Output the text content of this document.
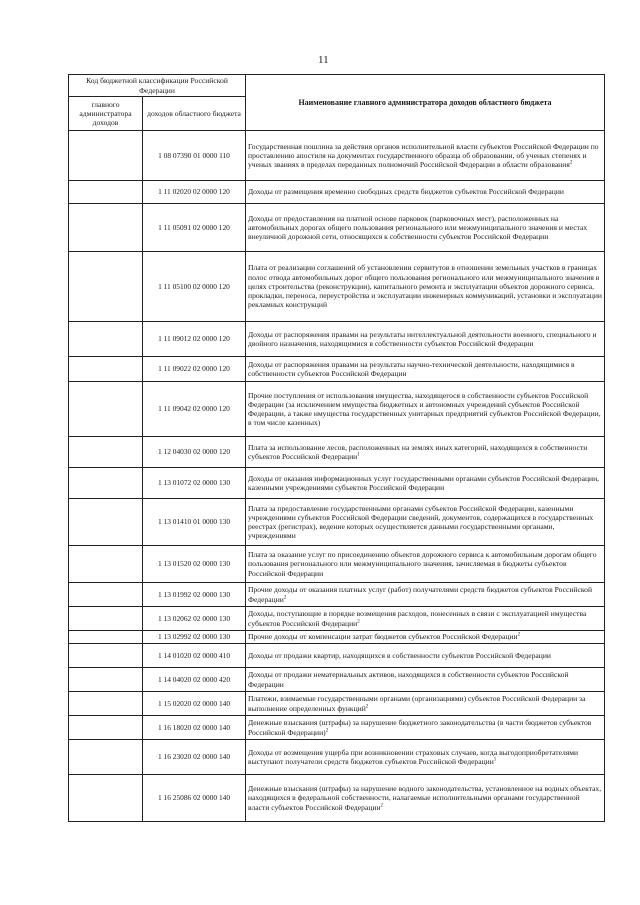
11
Код бюджетной классификации Российской Федерации		Наименование главного администратора доходов областного бюджета
главного администратора доходов	доходов областного бюджета	
	1 08 07390 01 0000 110	Государственная пошлина за действия органов исполнительной власти субъектов Российской Федерации по проставлению апостиля на документах государственного образца об образовании, об ученых степенях и ученых званиях в пределах переданных полномочий Российской Федерации в области образования$^2$
	1 11 02020 02 0000 120	Доходы от размещения временно свободных средств бюджетов субъектов Российской Федерации
	1 11 05091 02 0000 120	Доходы от предоставления на платной основе парковок (парковочных мест), расположенных на автомобильных дорогах общего пользования регионального или межмуниципального значения и местах внеуличной дорожной сети, относящихся к собственности субъектов Российской Федерации
	1 11 05100 02 0000 120	Плата от реализации соглашений об установлении сервитутов в отношении земельных участков в границах полос отвода автомобильных дорог общего пользования регионального или межмуниципального значения в целях строительства (реконструкции), капитального ремонта и эксплуатации объектов дорожного сервиса, прокладки, переноса, переустройства и эксплуатации инженерных коммуникаций, установки и эксплуатации рекламных конструкций
	1 11 09012 02 0000 120	Доходы от распоряжения правами на результаты интеллектуальной деятельности военного, специального и двойного назначения, находящимися в собственности субъектов Российской Федерации
	1 11 09022 02 0000 120	Доходы от распоряжения правами на результаты научно-технической деятельности, находящимися в собственности субъектов Российской Федерации
	1 11 09042 02 0000 120	Прочие поступления от использования имущества, находящегося в собственности субъектов Российской Федерации (за исключением имущества бюджетных и автономных учреждений субъектов Российской Федерации, а также имущества государственных унитарных предприятий субъектов Российской Федерации, в том числе казенных)
	1 12 04030 02 0000 120	Плата за использование лесов, расположенных на землях иных категорий, находящихся в собственности субъектов Российской Федерации$^1$
	1 13 01072 02 0000 130	Доходы от оказания информационных услуг государственными органами субъектов Российской Федерации, казенными учреждениями субъектов Российской Федерации
	1 13 01410 01 0000 130	Плата за предоставление государственными органами субъектов Российской Федерации, казенными учреждениями субъектов Российской Федерации сведений, документов, содержащихся в государственных реестрах (регистрах), ведение которых осуществляется данными государственными органами, учреждениями
	1 13 01520 02 0000 130	Плата за оказание услуг по присоединению объектов дорожного сервиса к автомобильным дорогам общего пользования регионального или межмуниципального значения, зачисляемая в бюджеты субъектов Российской Федерации
	1 13 01992 02 0000 130	Прочие доходы от оказания платных услуг (работ) получателями средств бюджетов субъектов Российской Федерации$^2$
	1 13 02062 02 0000 130	Доходы, поступающие в порядке возмещения расходов, понесенных в связи с эксплуатацией имущества субъектов Российской Федерации$^2$
	1 13 02992 02 0000 130	Прочие доходы от компенсации затрат бюджетов субъектов Российской Федерации$^2$
	1 14 01020 02 0000 410	Доходы от продажи квартир, находящихся в собственности субъектов Российской Федерации
	1 14 04020 02 0000 420	Доходы от продажи нематериальных активов, находящихся в собственности субъектов Российской Федерации
	1 15 02020 02 0000 140	Платежи, взимаемые государственными органами (организациями) субъектов Российской Федерации за выполнение определенных функций$^2$
	1 16 18020 02 0000 140	Денежные взыскания (штрафы) за нарушение бюджетного законодательства (в части бюджетов субъектов Российской Федерации)$^2$
	1 16 23020 02 0000 140	Доходы от возмещения ущерба при возникновении страховых случаев, когда выгодоприобретателями выступают получатели средств бюджетов субъектов Российской Федерации$^1$
	1 16 25086 02 0000 140	Денежные взыскания (штрафы) за нарушение водного законодательства, установленное на водных объектах, находящихся в федеральной собственности, налагаемые исполнительными органами государственной власти субъектов Российской Федерации$^2$
